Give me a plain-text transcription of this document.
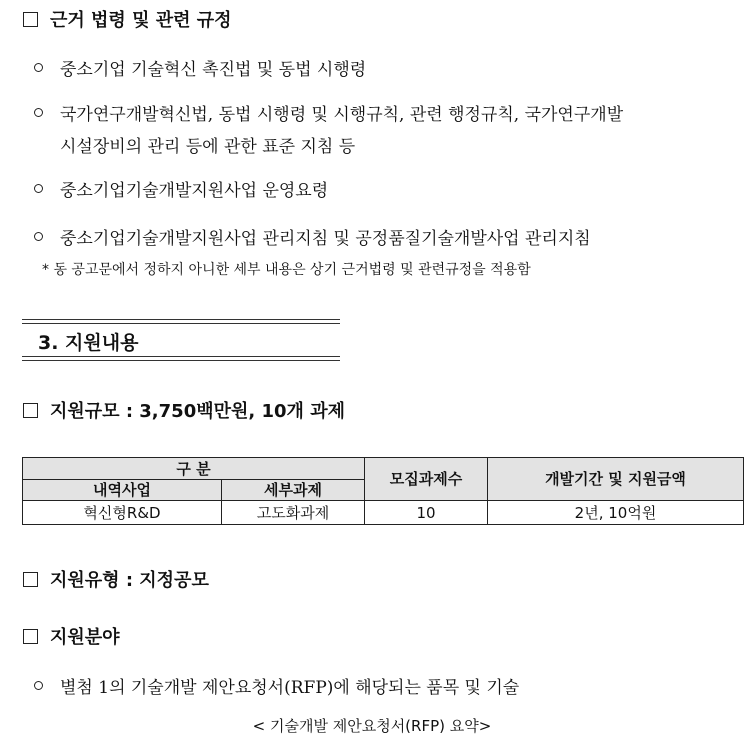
근거 법령 및 관련 규정
중소기업 기술혁신 촉진법 및 동법 시행령
국가연구개발혁신법, 동법 시행령 및 시행규칙, 관련 행정규칙, 국가연구개발
시설장비의 관리 등에 관한 표준 지침 등
중소기업기술개발지원사업 운영요령
중소기업기술개발지원사업 관리지침 및 공정품질기술개발사업 관리지침
* 동 공고문에서 정하지 아니한 세부 내용은 상기 근거법령 및 관련규정을 적용함
3. 지원내용
지원규모 : 3,750백만원, 10개 과제
구 분		모집과제수	개발기간 및 지원금액
내역사업	세부과제		
혁신형R&D	고도화과제	10	2년, 10억원
지원유형 : 지정공모
지원분야
별첨 1의 기술개발 제안요청서(RFP)에 해당되는 품목 및 기술
< 기술개발 제안요청서(RFP) 요약>
